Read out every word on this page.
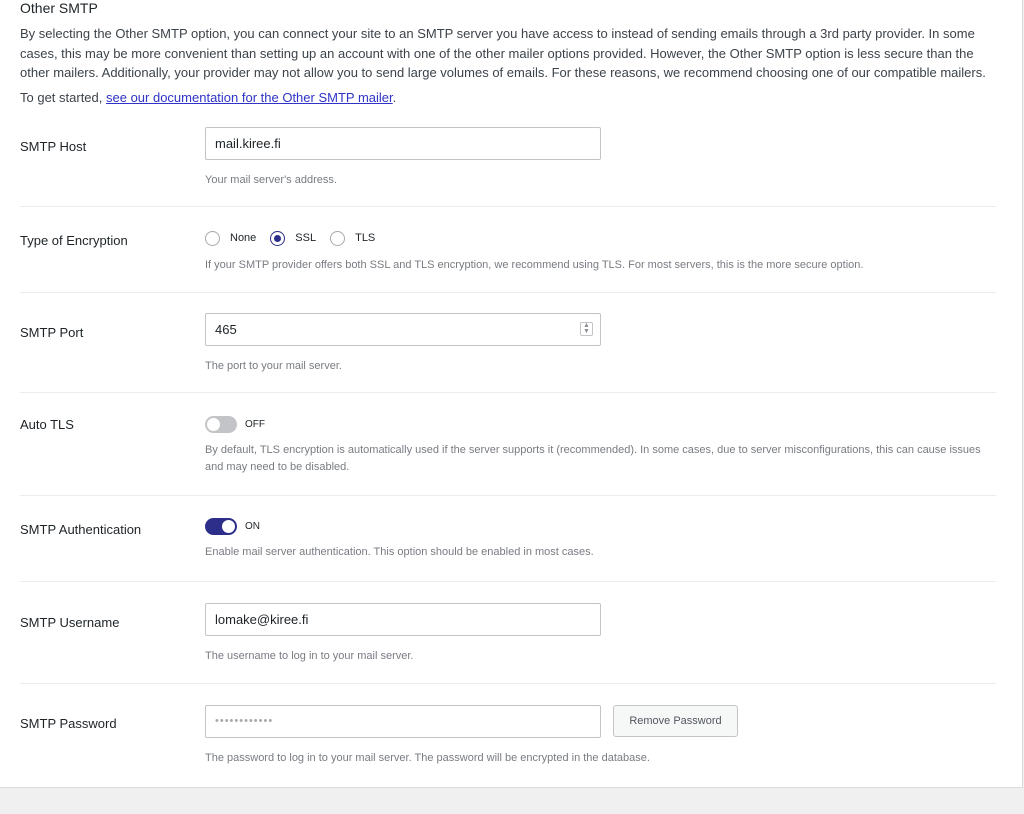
Other SMTP

By selecting the Other SMTP option, you can connect your site to an SMTP server you have access to instead of sending emails through a 3rd party provider. In some cases, this may be more convenient than setting up an account with one of the other mailer options provided. However, the Other SMTP option is less secure than the other mailers. Additionally, your provider may not allow you to send large volumes of emails. For these reasons, we recommend choosing one of our compatible mailers.

To get started, see our documentation for the Other SMTP mailer.

SMTP Host	mail.kiree.fi
Your mail server's address.
Type of Encryption	None	SSL	TLS
If your SMTP provider offers both SSL and TLS encryption, we recommend using TLS. For most servers, this is the more secure option.
SMTP Port	465	▲
▼
The port to your mail server.
Auto TLS	OFF
By default, TLS encryption is automatically used if the server supports it (recommended). In some cases, due to server misconfigurations, this can cause issues and may need to be disabled.
SMTP Authentication	ON
Enable mail server authentication. This option should be enabled in most cases.
SMTP Username	lomake@kiree.fi
The username to log in to your mail server.
SMTP Password	••••••••••••	Remove Password
The password to log in to your mail server. The password will be encrypted in the database.
